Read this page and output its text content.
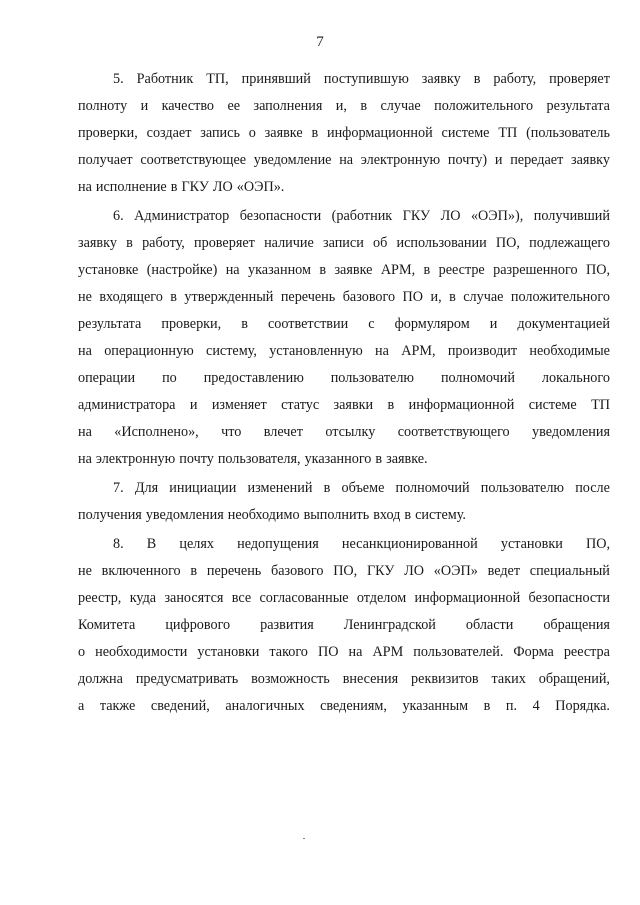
7
5. Работник ТП, принявший поступившую заявку в работу, проверяет
полноту и качество ее заполнения и, в случае положительного результата
проверки, создает запись о заявке в информационной системе ТП (пользователь
получает соответствующее уведомление на электронную почту) и передает заявку
на исполнение в ГКУ ЛО «ОЭП».
6. Администратор безопасности (работник ГКУ ЛО «ОЭП»), получивший
заявку в работу, проверяет наличие записи об использовании ПО, подлежащего
установке (настройке) на указанном в заявке АРМ, в реестре разрешенного ПО,
не входящего в утвержденный перечень базового ПО и, в случае положительного
результата проверки, в соответствии с формуляром и документацией
на операционную систему, установленную на АРМ, производит необходимые
операции по предоставлению пользователю полномочий локального
администратора и изменяет статус заявки в информационной системе ТП
на «Исполнено», что влечет отсылку соответствующего уведомления
на электронную почту пользователя, указанного в заявке.
7. Для инициации изменений в объеме полномочий пользователю после
получения уведомления необходимо выполнить вход в систему.
8. В целях недопущения несанкционированной установки ПО,
не включенного в перечень базового ПО, ГКУ ЛО «ОЭП» ведет специальный
реестр, куда заносятся все согласованные отделом информационной безопасности
Комитета цифрового развития Ленинградской области обращения
о необходимости установки такого ПО на АРМ пользователей. Форма реестра
должна предусматривать возможность внесения реквизитов таких обращений,
а также сведений, аналогичных сведениям, указанным в п. 4 Порядка.
